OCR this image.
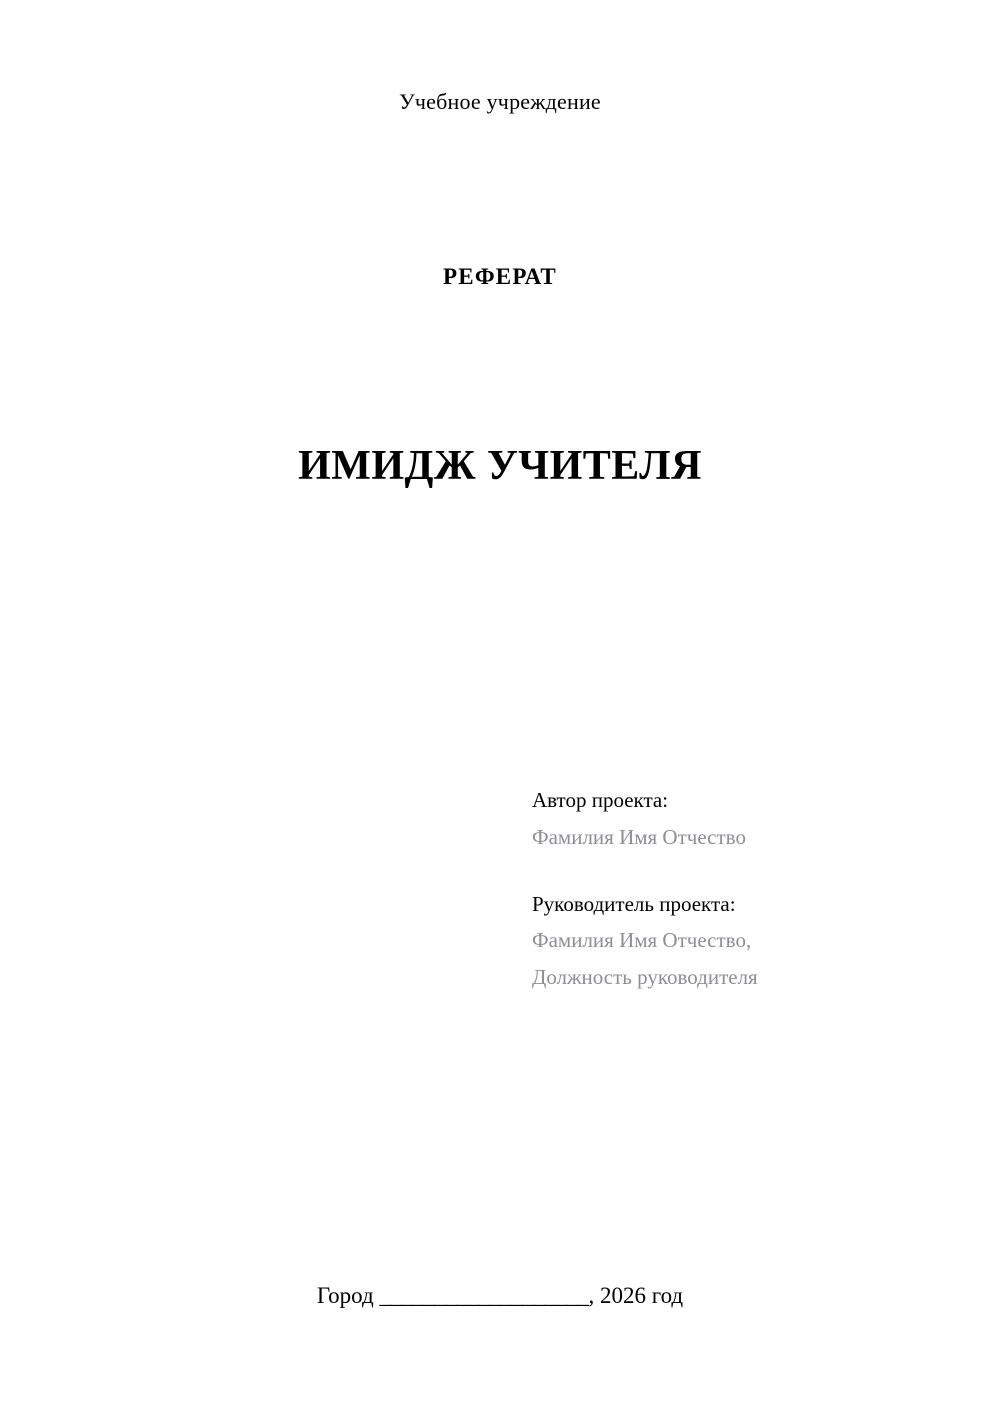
Учебное учреждение
РЕФЕРАТ
ИМИДЖ УЧИТЕЛЯ
Автор проекта:
Фамилия Имя Отчество
Руководитель проекта:
Фамилия Имя Отчество,
Должность руководителя
Город ___________________, 2026 год
